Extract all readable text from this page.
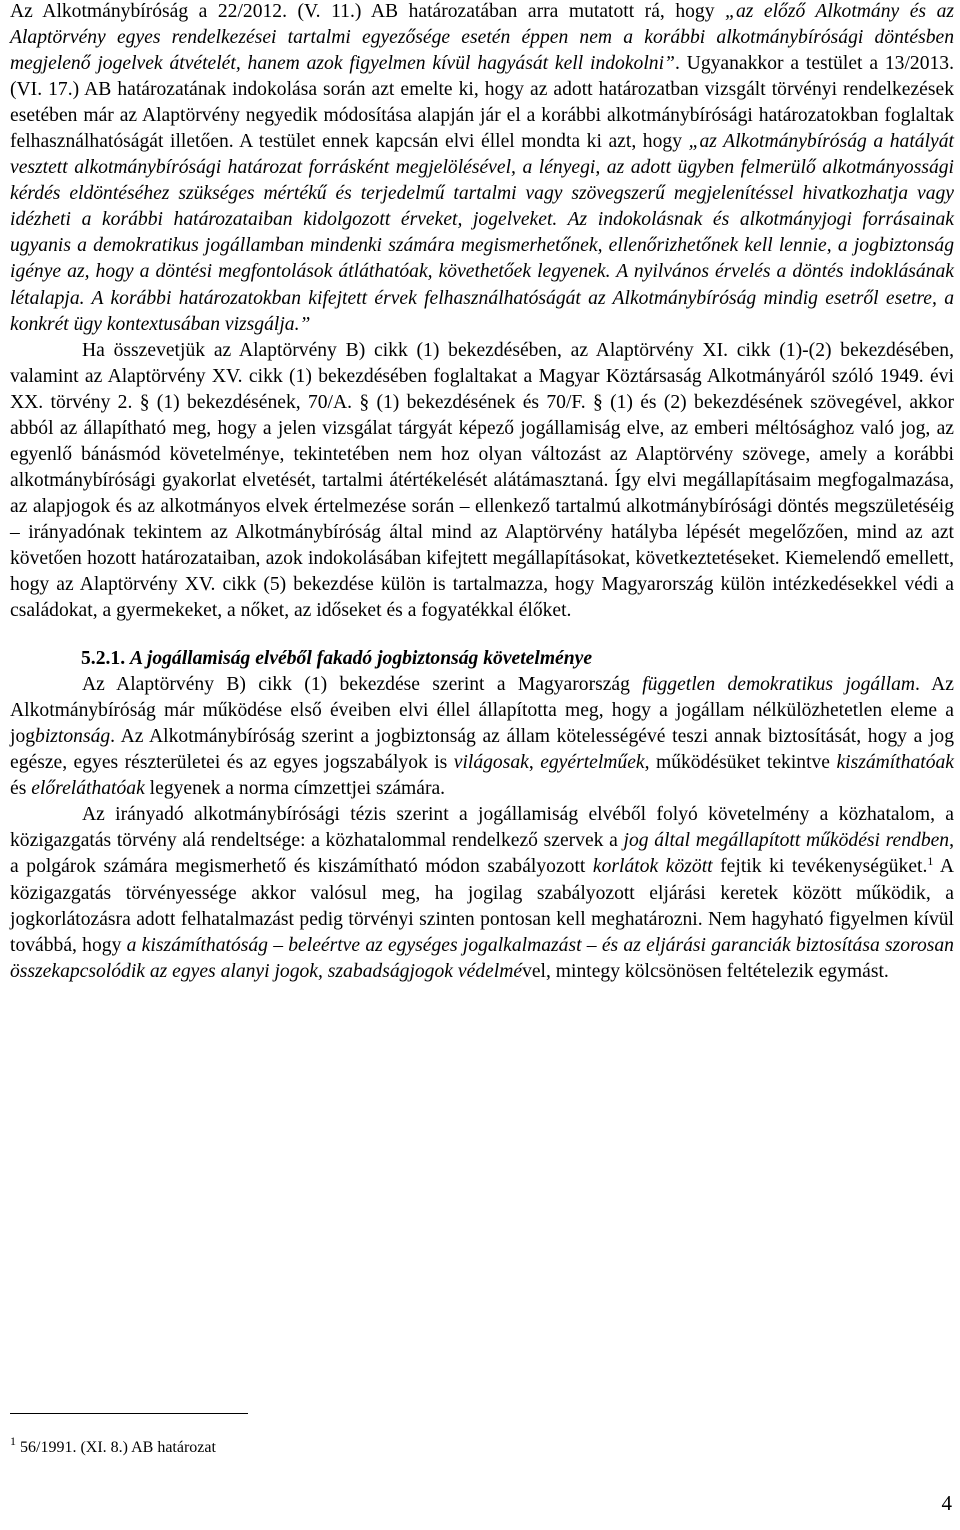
Az Alkotmánybíróság a 22/2012. (V. 11.) AB határozatában arra mutatott rá, hogy „az előző Alkotmány és az Alaptörvény egyes rendelkezései tartalmi egyezősége esetén éppen nem a korábbi alkotmánybírósági döntésben megjelenő jogelvek átvételét, hanem azok figyelmen kívül hagyását kell indokolni”. Ugyanakkor a testület a 13/2013. (VI. 17.) AB határozatának indokolása során azt emelte ki, hogy az adott határozatban vizsgált törvényi rendelkezések esetében már az Alaptörvény negyedik módosítása alapján jár el a korábbi alkotmánybírósági határozatokban foglaltak felhasználhatóságát illetően. A testület ennek kapcsán elvi éllel mondta ki azt, hogy „az Alkotmánybíróság a hatályát vesztett alkotmánybírósági határozat forrásként megjelölésével, a lényegi, az adott ügyben felmerülő alkotmányossági kérdés eldöntéséhez szükséges mértékű és terjedelmű tartalmi vagy szövegszerű megjelenítéssel hivatkozhatja vagy idézheti a korábbi határozataiban kidolgozott érveket, jogelveket. Az indokolásnak és alkotmányjogi forrásainak ugyanis a demokratikus jogállamban mindenki számára megismerhetőnek, ellenőrizhetőnek kell lennie, a jogbiztonság igénye az, hogy a döntési megfontolások átláthatóak, követhetőek legyenek. A nyilvános érvelés a döntés indoklásának létalapja. A korábbi határozatokban kifejtett érvek felhasználhatóságát az Alkotmánybíróság mindig esetről esetre, a konkrét ügy kontextusában vizsgálja.”

Ha összevetjük az Alaptörvény B) cikk (1) bekezdésében, az Alaptörvény XI. cikk (1)-(2) bekezdésében, valamint az Alaptörvény XV. cikk (1) bekezdésében foglaltakat a Magyar Köztársaság Alkotmányáról szóló 1949. évi XX. törvény 2. § (1) bekezdésének, 70/A. § (1) bekezdésének és 70/F. § (1) és (2) bekezdésének szövegével, akkor abból az állapítható meg, hogy a jelen vizsgálat tárgyát képező jogállamiság elve, az emberi méltósághoz való jog, az egyenlő bánásmód követelménye, tekintetében nem hoz olyan változást az Alaptörvény szövege, amely a korábbi alkotmánybírósági gyakorlat elvetését, tartalmi átértékelését alátámasztaná. Így elvi megállapításaim megfogalmazása, az alapjogok és az alkotmányos elvek értelmezése során – ellenkező tartalmú alkotmánybírósági döntés megszületéséig – irányadónak tekintem az Alkotmánybíróság által mind az Alaptörvény hatályba lépését megelőzően, mind az azt követően hozott határozataiban, azok indokolásában kifejtett megállapításokat, következtetéseket. Kiemelendő emellett, hogy az Alaptörvény XV. cikk (5) bekezdése külön is tartalmazza, hogy Magyarország külön intézkedésekkel védi a családokat, a gyermekeket, a nőket, az időseket és a fogyatékkal élőket.

5.2.1. A jogállamiság elvéből fakadó jogbiztonság követelménye

Az Alaptörvény B) cikk (1) bekezdése szerint a Magyarország független demokratikus jogállam. Az Alkotmánybíróság már működése első éveiben elvi éllel állapította meg, hogy a jogállam nélkülözhetetlen eleme a jogbiztonság. Az Alkotmánybíróság szerint a jogbiztonság az állam kötelességévé teszi annak biztosítását, hogy a jog egésze, egyes részterületei és az egyes jogszabályok is világosak, egyértelműek, működésüket tekintve kiszámíthatóak és előreláthatóak legyenek a norma címzettjei számára.

Az irányadó alkotmánybírósági tézis szerint a jogállamiság elvéből folyó követelmény a közhatalom, a közigazgatás törvény alá rendeltsége: a közhatalommal rendelkező szervek a jog által megállapított működési rendben, a polgárok számára megismerhető és kiszámítható módon szabályozott korlátok között fejtik ki tevékenységüket.$^1$ A közigazgatás törvényessége akkor valósul meg, ha jogilag szabályozott eljárási keretek között működik, a jogkorlátozásra adott felhatalmazást pedig törvényi szinten pontosan kell meghatározni. Nem hagyható figyelmen kívül továbbá, hogy a kiszámíthatóság – beleértve az egységes jogalkalmazást – és az eljárási garanciák biztosítása szorosan összekapcsolódik az egyes alanyi jogok, szabadságjogok védelmével, mintegy kölcsönösen feltételezik egymást.

$^1$ 56/1991. (XI. 8.) AB határozat
4
